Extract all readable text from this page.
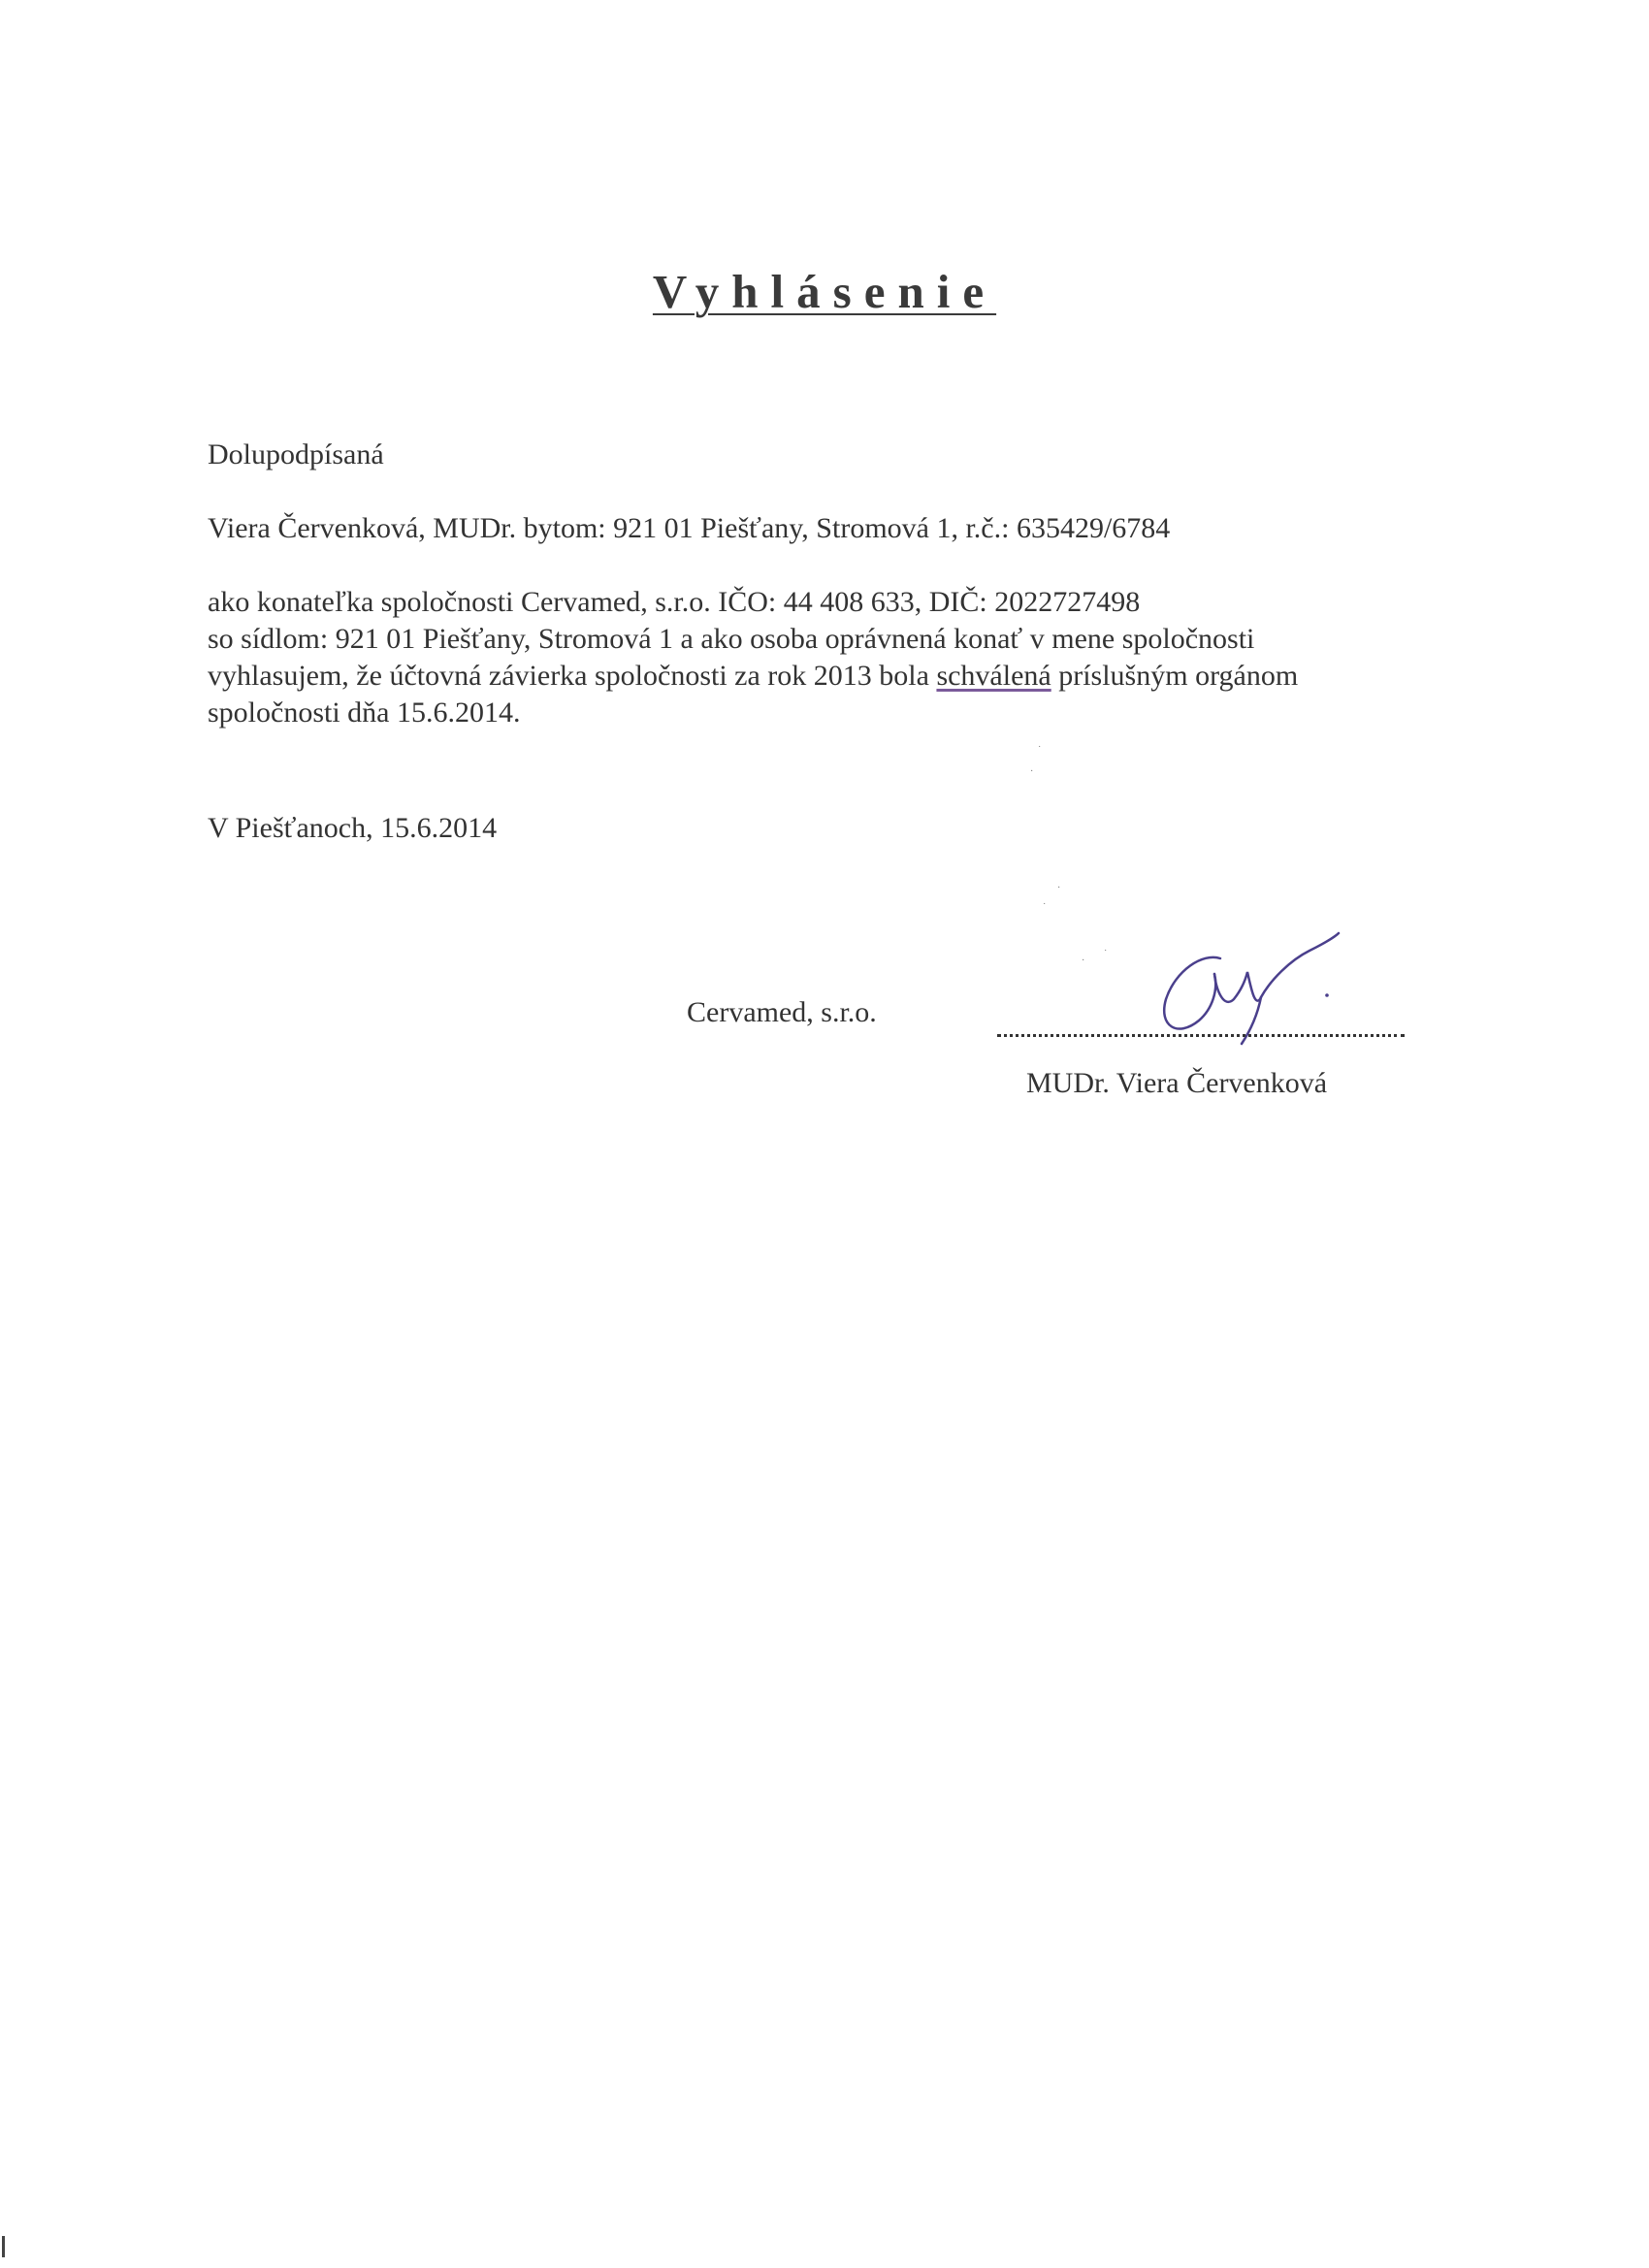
Vyhlásenie
Dolupodpísaná
Viera Červenková, MUDr. bytom: 921 01 Piešťany, Stromová 1, r.č.: 635429/6784
ako konateľka spoločnosti Cervamed, s.r.o. IČO: 44 408 633, DIČ: 2022727498
so sídlom: 921 01 Piešťany, Stromová 1 a ako osoba oprávnená konať v mene spoločnosti
vyhlasujem, že účtovná závierka spoločnosti za rok 2013 bola schválená príslušným orgánom
spoločnosti dňa 15.6.2014.
V Piešťanoch, 15.6.2014
Cervamed, s.r.o.
MUDr. Viera Červenková
˙
·
·
˙
·
˙
